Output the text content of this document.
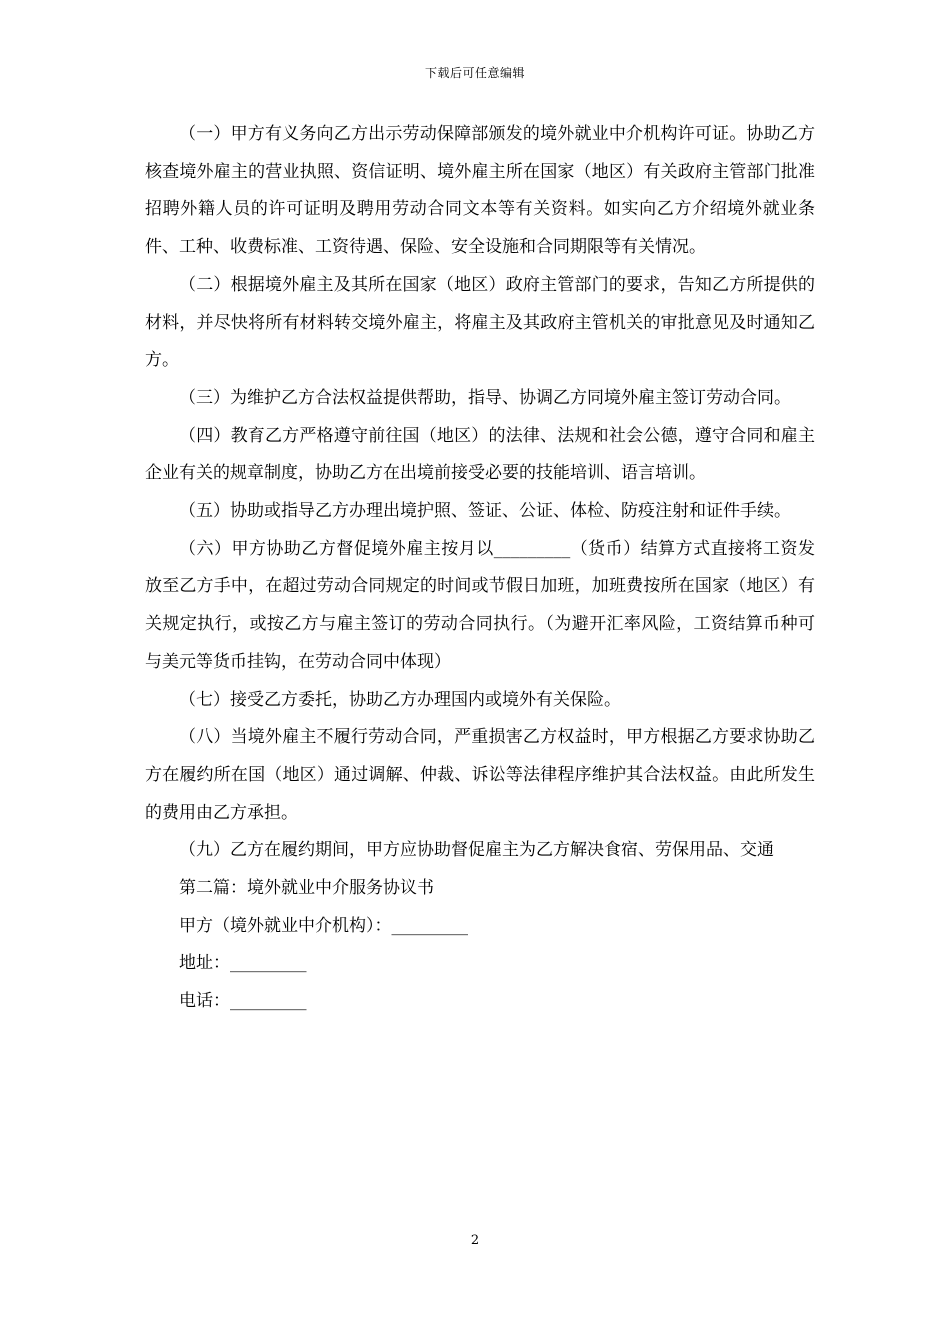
下载后可任意编辑

（一）甲方有义务向乙方出示劳动保障部颁发的境外就业中介机构许可证。协助乙方核查境外雇主的营业执照、资信证明、境外雇主所在国家（地区）有关政府主管部门批准招聘外籍人员的许可证明及聘用劳动合同文本等有关资料。如实向乙方介绍境外就业条件、工种、收费标准、工资待遇、保险、安全设施和合同期限等有关情况。

（二）根据境外雇主及其所在国家（地区）政府主管部门的要求，告知乙方所提供的材料，并尽快将所有材料转交境外雇主，将雇主及其政府主管机关的审批意见及时通知乙方。

（三）为维护乙方合法权益提供帮助，指导、协调乙方同境外雇主签订劳动合同。

（四）教育乙方严格遵守前往国（地区）的法律、法规和社会公德，遵守合同和雇主企业有关的规章制度，协助乙方在出境前接受必要的技能培训、语言培训。

（五）协助或指导乙方办理出境护照、签证、公证、体检、防疫注射和证件手续。

（六）甲方协助乙方督促境外雇主按月以_________（货币）结算方式直接将工资发放至乙方手中，在超过劳动合同规定的时间或节假日加班，加班费按所在国家（地区）有关规定执行，或按乙方与雇主签订的劳动合同执行。（为避开汇率风险，工资结算币种可与美元等货币挂钩，在劳动合同中体现）

（七）接受乙方委托，协助乙方办理国内或境外有关保险。

（八）当境外雇主不履行劳动合同，严重损害乙方权益时，甲方根据乙方要求协助乙方在履约所在国（地区）通过调解、仲裁、诉讼等法律程序维护其合法权益。由此所发生的费用由乙方承担。

（九）乙方在履约期间，甲方应协助督促雇主为乙方解决食宿、劳保用品、交通

第二篇：境外就业中介服务协议书

甲方（境外就业中介机构）：_________

地址：_________

电话：_________

2
